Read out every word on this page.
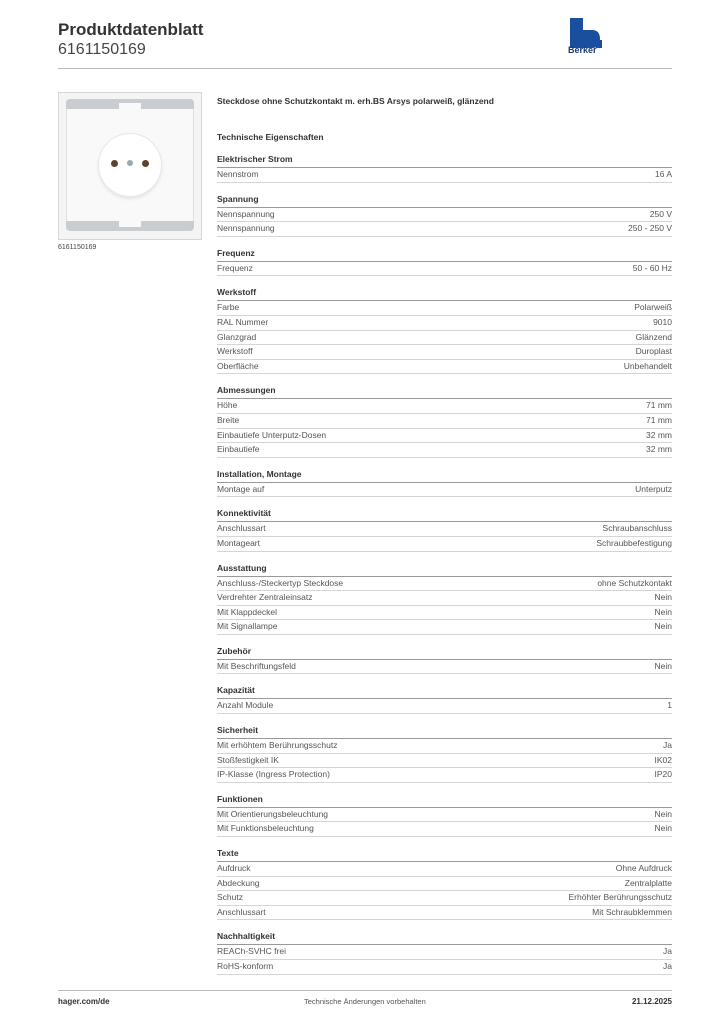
Produktdatenblatt
6161150169	Berker
6161150169
Steckdose ohne Schutzkontakt m. erh.BS Arsys polarweiß, glänzend
Technische Eigenschaften
Elektrischer Strom
Nennstrom	16 A
Spannung
Nennspannung	250 V
Nennspannung	250 - 250 V
Frequenz
Frequenz	50 - 60 Hz
Werkstoff
Farbe	Polarweiß
RAL Nummer	9010
Glanzgrad	Glänzend
Werkstoff	Duroplast
Oberfläche	Unbehandelt
Abmessungen
Höhe	71 mm
Breite	71 mm
Einbautiefe Unterputz-Dosen	32 mm
Einbautiefe	32 mm
Installation, Montage
Montage auf	Unterputz
Konnektivität
Anschlussart	Schraubanschluss
Montageart	Schraubbefestigung
Ausstattung
Anschluss-/Steckertyp Steckdose	ohne Schutzkontakt
Verdrehter Zentraleinsatz	Nein
Mit Klappdeckel	Nein
Mit Signallampe	Nein
Zubehör
Mit Beschriftungsfeld	Nein
Kapazität
Anzahl Module	1
Sicherheit
Mit erhöhtem Berührungsschutz	Ja
Stoßfestigkeit IK	IK02
IP-Klasse (Ingress Protection)	IP20
Funktionen
Mit Orientierungsbeleuchtung	Nein
Mit Funktionsbeleuchtung	Nein
Texte
Aufdruck	Ohne Aufdruck
Abdeckung	Zentralplatte
Schutz	Erhöhter Berührungsschutz
Anschlussart	Mit Schraubklemmen
Nachhaltigkeit
REACh-SVHC frei	Ja
RoHS-konform	Ja
hager.com/de	Technische Änderungen vorbehalten	21.12.2025
